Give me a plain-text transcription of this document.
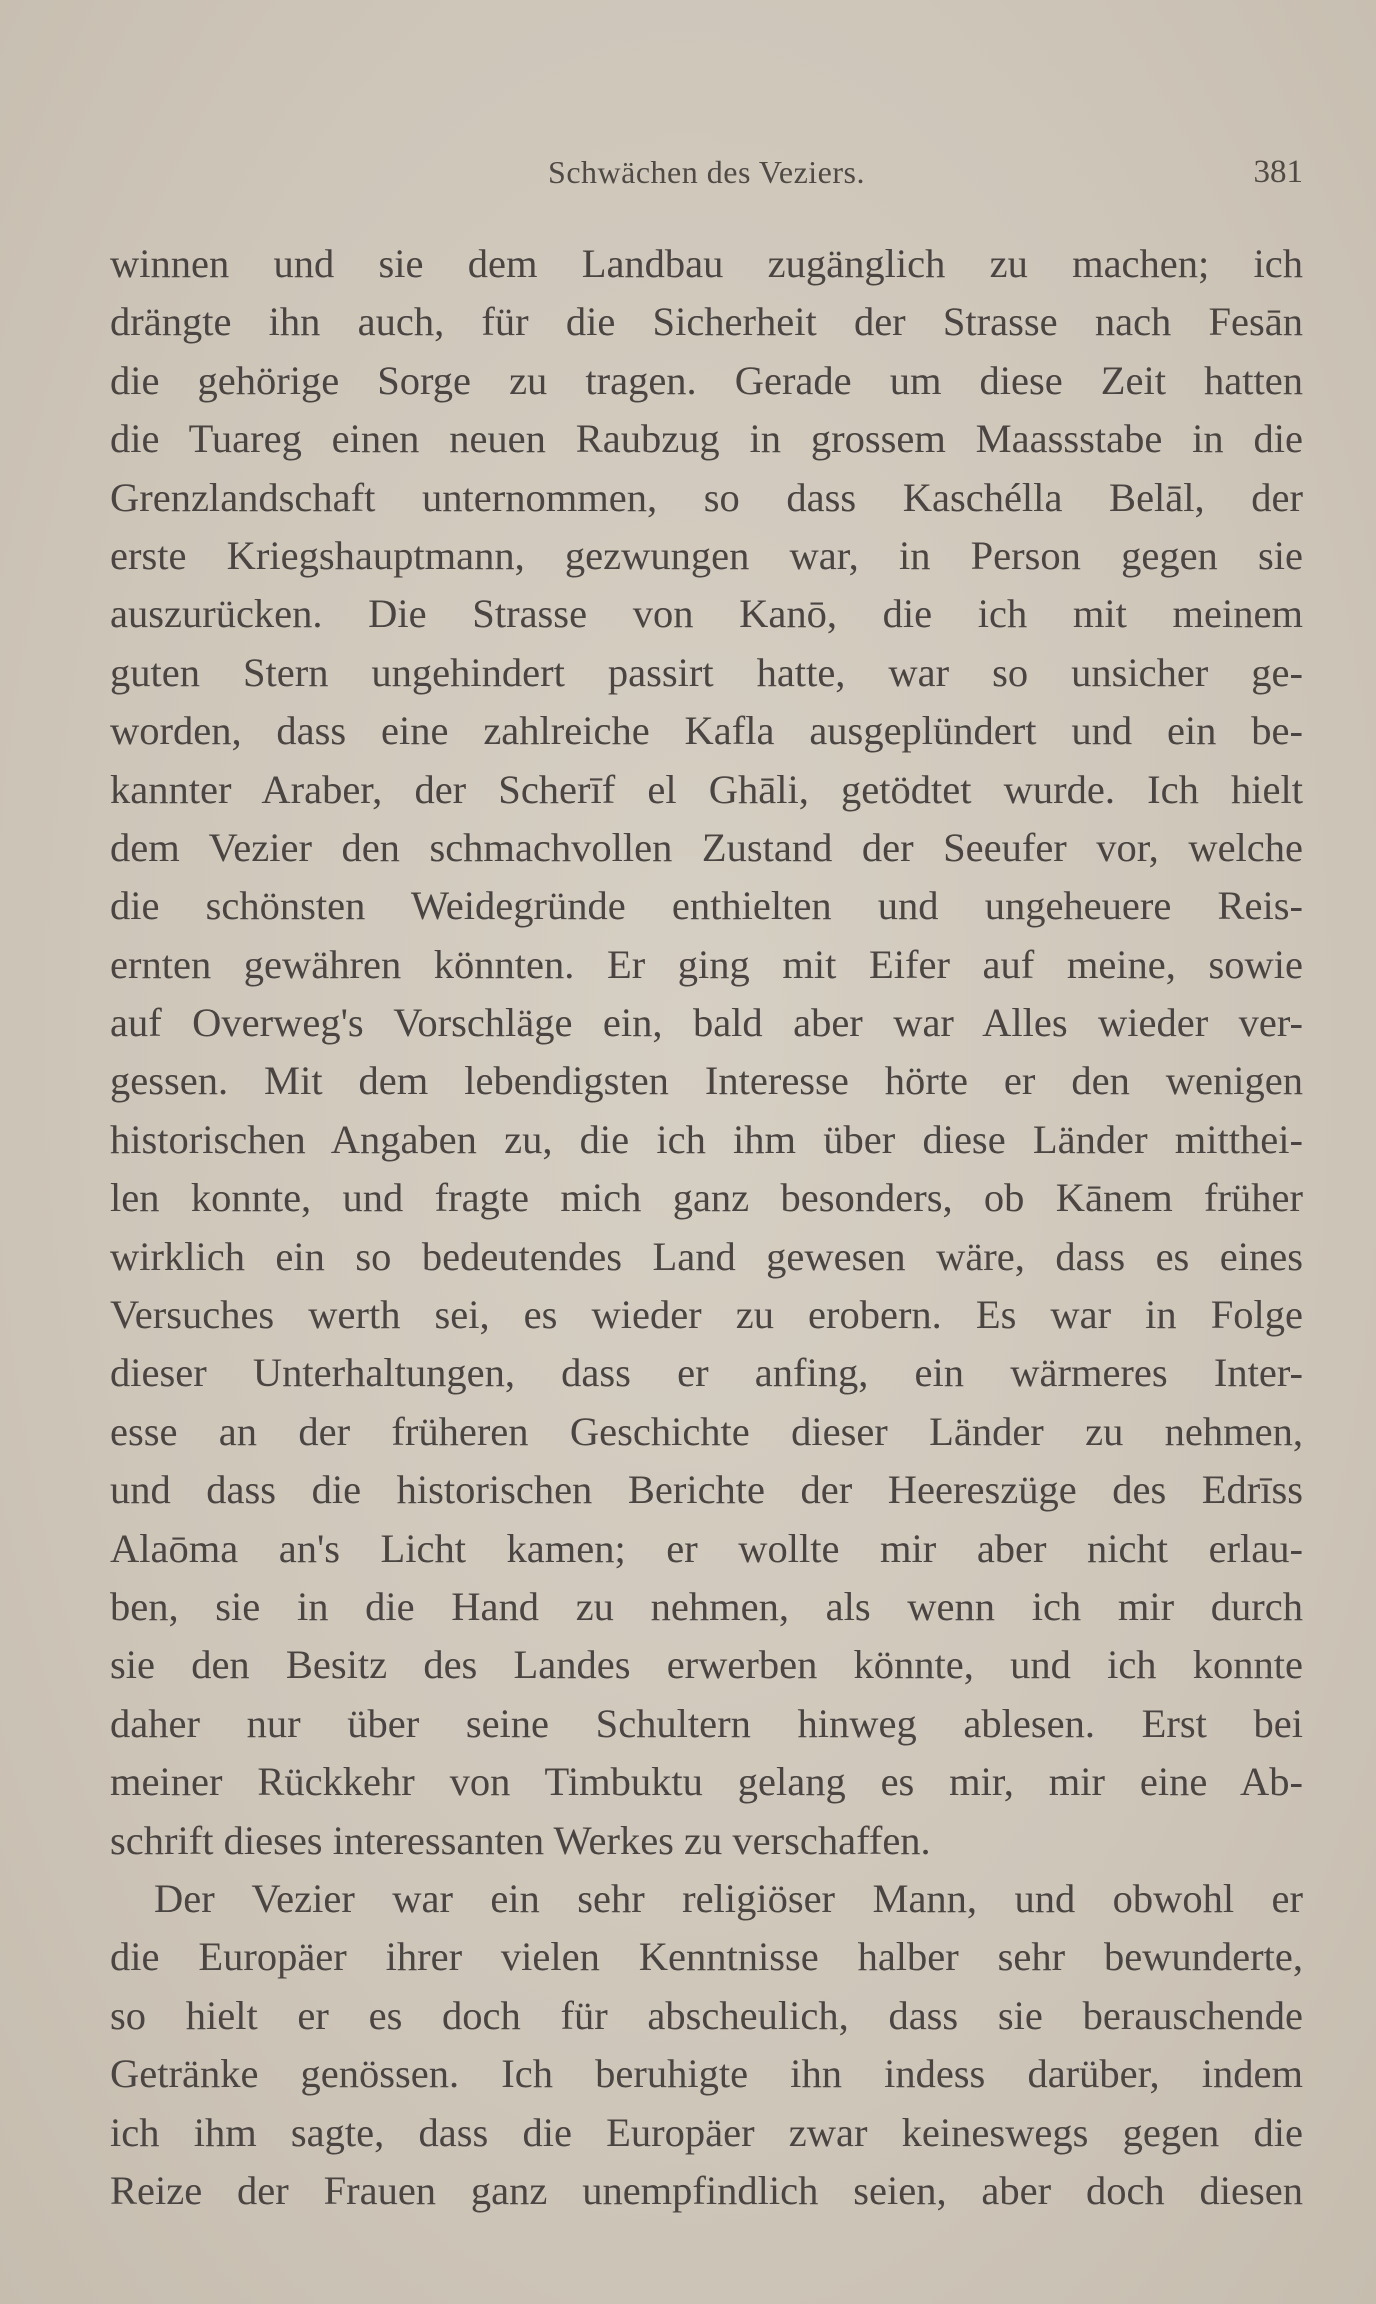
Schwächen des Veziers.	381
winnen und sie dem Landbau zugänglich zu machen; ich
drängte ihn auch, für die Sicherheit der Strasse nach Fesān
die gehörige Sorge zu tragen. Gerade um diese Zeit hatten
die Tuareg einen neuen Raubzug in grossem Maassstabe in die
Grenzlandschaft unternommen, so dass Kaschélla Belāl, der
erste Kriegshauptmann, gezwungen war, in Person gegen sie
auszurücken. Die Strasse von Kanō, die ich mit meinem
guten Stern ungehindert passirt hatte, war so unsicher ge-
worden, dass eine zahlreiche Kafla ausgeplündert und ein be-
kannter Araber, der Scherīf el Ghāli, getödtet wurde. Ich hielt
dem Vezier den schmachvollen Zustand der Seeufer vor, welche
die schönsten Weidegründe enthielten und ungeheuere Reis-
ernten gewähren könnten. Er ging mit Eifer auf meine, sowie
auf Overweg's Vorschläge ein, bald aber war Alles wieder ver-
gessen. Mit dem lebendigsten Interesse hörte er den wenigen
historischen Angaben zu, die ich ihm über diese Länder mitthei-
len konnte, und fragte mich ganz besonders, ob Kānem früher
wirklich ein so bedeutendes Land gewesen wäre, dass es eines
Versuches werth sei, es wieder zu erobern. Es war in Folge
dieser Unterhaltungen, dass er anfing, ein wärmeres Inter-
esse an der früheren Geschichte dieser Länder zu nehmen,
und dass die historischen Berichte der Heereszüge des Edrīss
Alaōma an's Licht kamen; er wollte mir aber nicht erlau-
ben, sie in die Hand zu nehmen, als wenn ich mir durch
sie den Besitz des Landes erwerben könnte, und ich konnte
daher nur über seine Schultern hinweg ablesen. Erst bei
meiner Rückkehr von Timbuktu gelang es mir, mir eine Ab-
schrift dieses interessanten Werkes zu verschaffen.
Der Vezier war ein sehr religiöser Mann, und obwohl er
die Europäer ihrer vielen Kenntnisse halber sehr bewunderte,
so hielt er es doch für abscheulich, dass sie berauschende
Getränke genössen. Ich beruhigte ihn indess darüber, indem
ich ihm sagte, dass die Europäer zwar keineswegs gegen die
Reize der Frauen ganz unempfindlich seien, aber doch diesen
